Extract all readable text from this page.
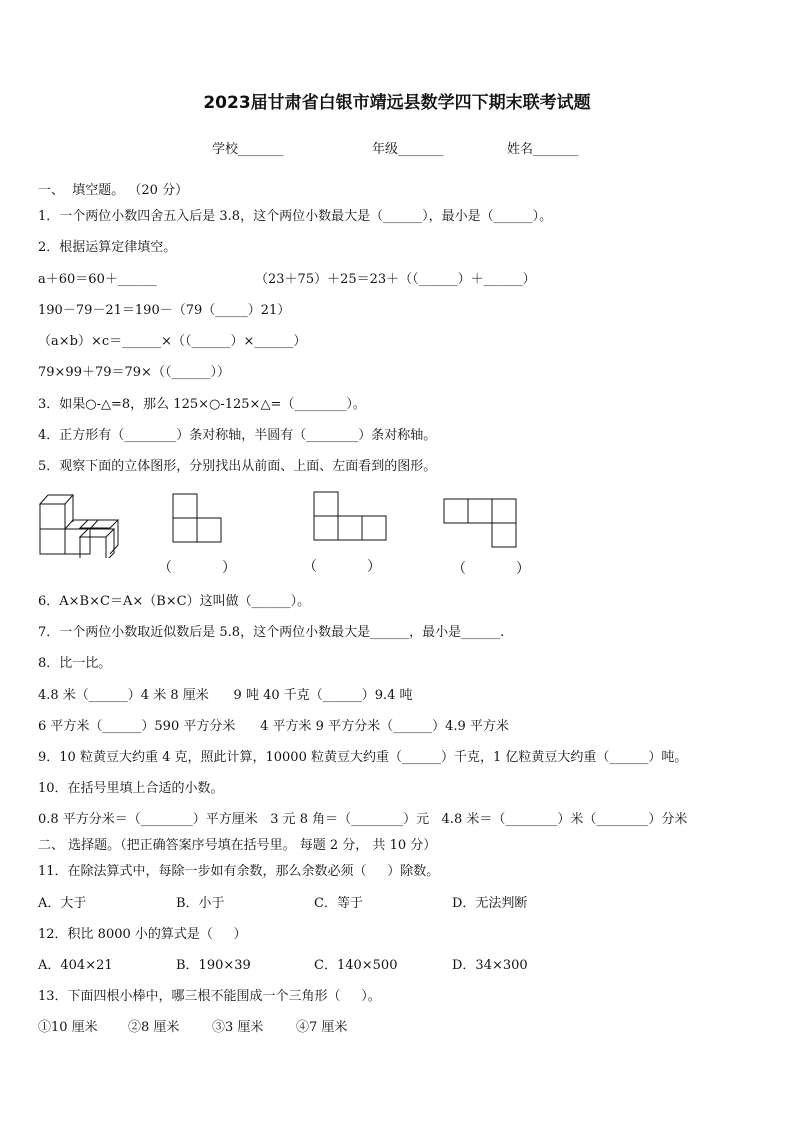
2023届甘肃省白银市靖远县数学四下期末联考试题
学校_______	年级_______	姓名_______
一、  填空题。 （20 分）
1．一个两位小数四舍五入后是 3.8，这个两位小数最大是（______），最小是（______）。
2．根据运算定律填空。
a＋60＝60＋______	（23＋75）＋25＝23＋（（______）＋______）
190－79－21＝190－（79（_____）21）
（a×b）×c＝______×（（______）×______）
79×99＋79＝79×（（______））
3．如果○-△=8，那么 125×○-125×△=（________）。
4．正方形有（________）条对称轴，半圆有（________）条对称轴。
5．观察下面的立体图形，分别找出从前面、上面、左面看到的图形。
（	）	（	）	（	）
6．A×B×C＝A×（B×C）这叫做（______）。
7．一个两位小数取近似数后是 5.8，这个两位小数最大是______，最小是______.
8．比一比。
4.8 米（______）4 米 8 厘米      9 吨 40 千克（______）9.4 吨
6 平方米（______）590 平方分米      4 平方米 9 平方分米（______）4.9 平方米
9．10 粒黄豆大约重 4 克，照此计算，10000 粒黄豆大约重（______）千克，1 亿粒黄豆大约重（______）吨。
10．在括号里填上合适的小数。
0.8 平方分米＝（________）平方厘米   3 元 8 角＝（________）元   4.8 米＝（________）米（________）分米
二、 选择题。（把正确答案序号填在括号里。 每题 2 分， 共 10 分）
11．在除法算式中，每除一步如有余数，那么余数必须（     ）除数。
A．大于	B．小于	C．等于	D．无法判断
12．积比 8000 小的算式是（     ）
A．404×21	B．190×39	C．140×500	D．34×300
13．下面四根小棒中，哪三根不能围成一个三角形（     ）。
①10 厘米 ②8 厘米	③3 厘米	④7 厘米
